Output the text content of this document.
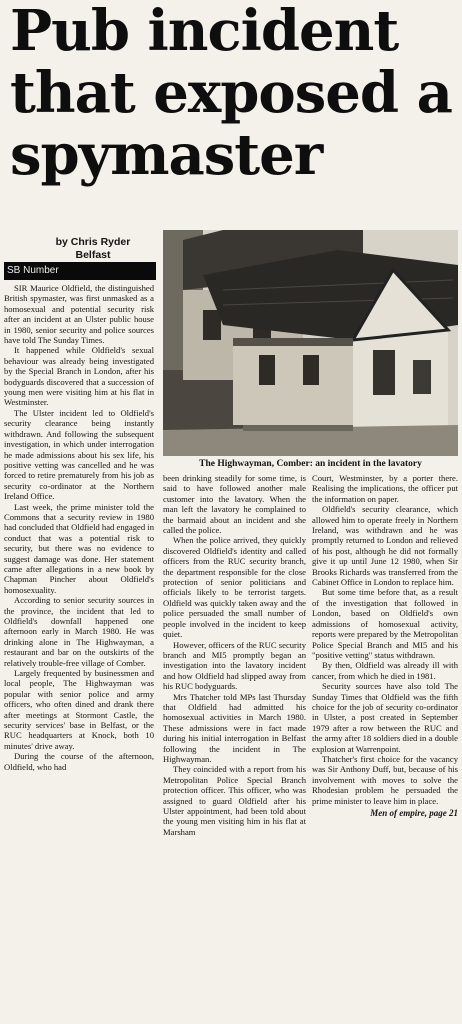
Pub incident that exposed a spymaster
by Chris Ryder
Belfast
SB Number
The Highwayman, Comber: an incident in the lavatory

SIR Maurice Oldfield, the distinguished British spymaster, was first unmasked as a homosexual and potential security risk after an incident at an Ulster public house in 1980, senior security and police sources have told The Sunday Times.

It happened while Oldfield's sexual behaviour was already being investigated by the Special Branch in London, after his bodyguards discovered that a succession of young men were visiting him at his flat in Westminster.

The Ulster incident led to Oldfield's security clearance being instantly withdrawn. And following the subsequent investigation, in which under interrogation he made admissions about his sex life, his positive vetting was cancelled and he was forced to retire prematurely from his job as security co-ordinator at the Northern Ireland Office.

Last week, the prime minister told the Commons that a security review in 1980 had concluded that Oldfield had engaged in conduct that was a potential risk to security, but there was no evidence to suggest damage was done. Her statement came after allegations in a new book by Chapman Pincher about Oldfield's homosexuality.

According to senior security sources in the province, the incident that led to Oldfield's downfall happened one afternoon early in March 1980. He was drinking alone in The Highwayman, a restaurant and bar on the outskirts of the relatively trouble-free village of Comber.

Largely frequented by businessmen and local people, The Highwayman was popular with senior police and army officers, who often dined and drank there after meetings at Stormont Castle, the security services' base in Belfast, or the RUC headquarters at Knock, both 10 minutes' drive away.

During the course of the afternoon, Oldfield, who had

been drinking steadily for some time, is said to have followed another male customer into the lavatory. When the man left the lavatory he complained to the barmaid about an incident and she called the police.

When the police arrived, they quickly discovered Oldfield's identity and called officers from the RUC security branch, the department responsible for the close protection of senior politicians and officials likely to be terrorist targets. Oldfield was quickly taken away and the police persuaded the small number of people involved in the incident to keep quiet.

However, officers of the RUC security branch and MI5 promptly began an investigation into the lavatory incident and how Oldfield had slipped away from his RUC bodyguards.

Mrs Thatcher told MPs last Thursday that Oldfield had admitted his homosexual activities in March 1980. These admissions were in fact made during his initial interrogation in Belfast following the incident in The Highwayman.

They coincided with a report from his Metropolitan Police Special Branch protection officer. This officer, who was assigned to guard Oldfield after his Ulster appointment, had been told about the young men visiting him in his flat at Marsham

Court, Westminster, by a porter there. Realising the implications, the officer put the information on paper.

Oldfield's security clearance, which allowed him to operate freely in Northern Ireland, was withdrawn and he was promptly returned to London and relieved of his post, although he did not formally give it up until June 12 1980, when Sir Brooks Richards was transferred from the Cabinet Office in London to replace him.

But some time before that, as a result of the investigation that followed in London, based on Oldfield's own admissions of homosexual activity, reports were prepared by the Metropolitan Police Special Branch and MI5 and his "positive vetting" status withdrawn.

By then, Oldfield was already ill with cancer, from which he died in 1981.

Security sources have also told The Sunday Times that Oldfield was the fifth choice for the job of security co-ordinator in Ulster, a post created in September 1979 after a row between the RUC and the army after 18 soldiers died in a double explosion at Warrenpoint.

Thatcher's first choice for the vacancy was Sir Anthony Duff, but, because of his involvement with moves to solve the Rhodesian problem he persuaded the prime minister to leave him in place.

Men of empire, page 21
